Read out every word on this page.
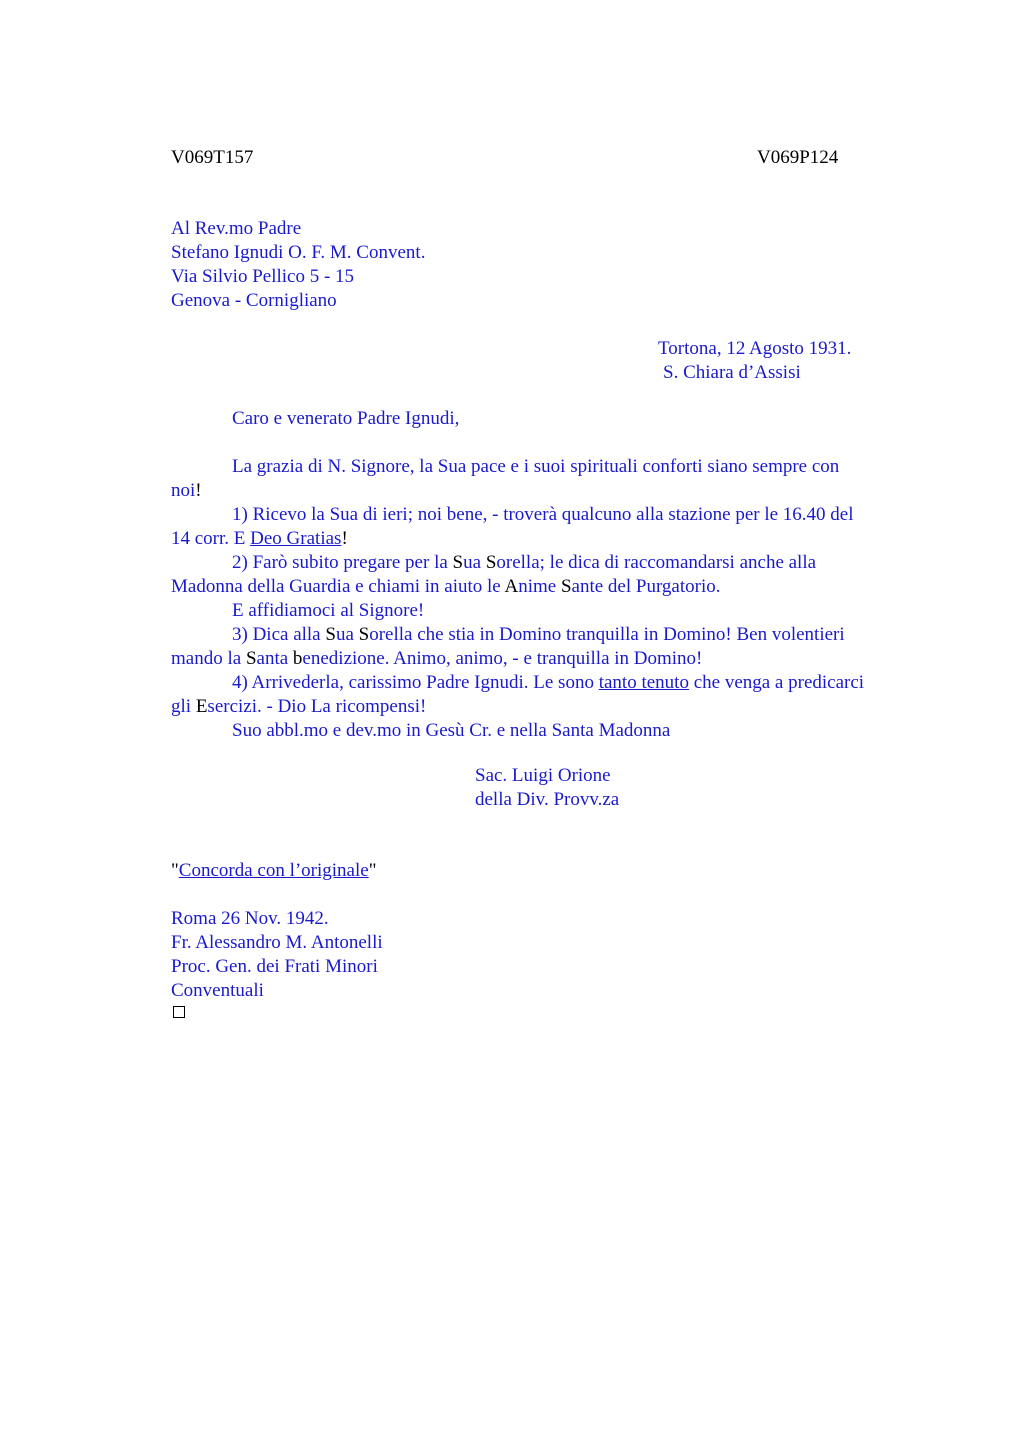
V069T157	V069P124
Al Rev.mo Padre
Stefano Ignudi O. F. M. Convent.
Via Silvio Pellico 5 - 15
Genova - Cornigliano
Tortona, 12 Agosto 1931.
S. Chiara d’Assisi
Caro e venerato Padre Ignudi,
La grazia di N. Signore, la Sua pace e i suoi spirituali conforti siano sempre con
noi!
1) Ricevo la Sua di ieri; noi bene, - troverà qualcuno alla stazione per le 16.40 del
14 corr. E Deo Gratias!
2) Farò subito pregare per la Sua Sorella; le dica di raccomandarsi anche alla
Madonna della Guardia e chiami in aiuto le Anime Sante del Purgatorio.
E affidiamoci al Signore!
3) Dica alla Sua Sorella che stia in Domino tranquilla in Domino! Ben volentieri
mando la Santa benedizione. Animo, animo, - e tranquilla in Domino!
4) Arrivederla, carissimo Padre Ignudi. Le sono tanto tenuto che venga a predicarci
gli Esercizi. - Dio La ricompensi!
Suo abbl.mo e dev.mo in Gesù Cr. e nella Santa Madonna
Sac. Luigi Orione
della Div. Provv.za
"Concorda con l’originale"
Roma 26 Nov. 1942.
Fr. Alessandro M. Antonelli
Proc. Gen. dei Frati Minori
Conventuali
